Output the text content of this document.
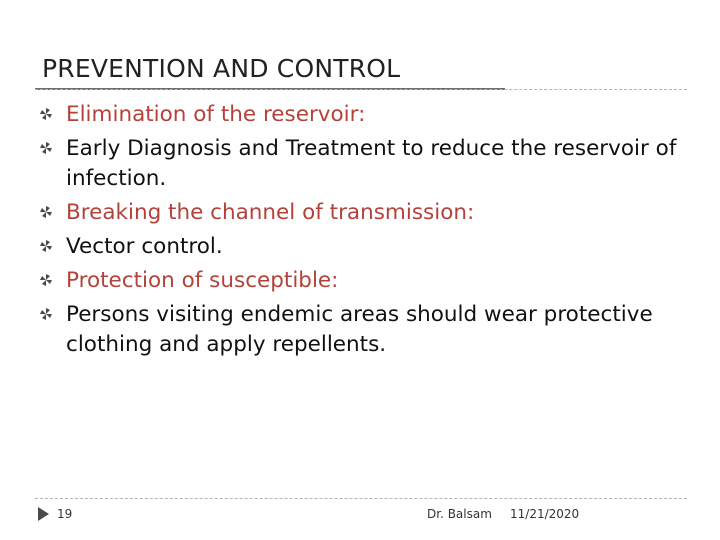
PREVENTION AND CONTROL
Elimination of the reservoir:
Early Diagnosis and Treatment to reduce the reservoir of infection.
Breaking the channel of transmission:
Vector control.
Protection of susceptible:
Persons visiting endemic areas should wear protective clothing and apply repellents.
19	Dr. Balsam 11/21/2020
